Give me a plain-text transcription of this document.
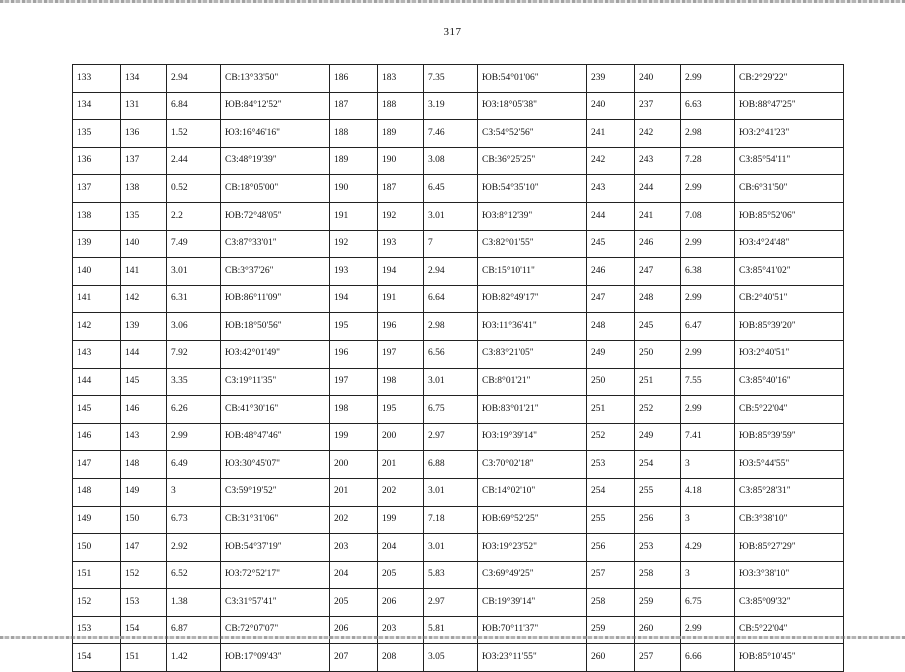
317
133	134	2.94	СВ:13°33'50"	186	183	7.35	ЮВ:54°01'06"	239	240	2.99	СВ:2°29'22"
134	131	6.84	ЮВ:84°12'52"	187	188	3.19	ЮЗ:18°05'38"	240	237	6.63	ЮВ:88°47'25"
135	136	1.52	ЮЗ:16°46'16"	188	189	7.46	СЗ:54°52'56"	241	242	2.98	ЮЗ:2°41'23"
136	137	2.44	СЗ:48°19'39"	189	190	3.08	СВ:36°25'25"	242	243	7.28	СЗ:85°54'11"
137	138	0.52	СВ:18°05'00"	190	187	6.45	ЮВ:54°35'10"	243	244	2.99	СВ:6°31'50"
138	135	2.2	ЮВ:72°48'05"	191	192	3.01	ЮЗ:8°12'39"	244	241	7.08	ЮВ:85°52'06"
139	140	7.49	СЗ:87°33'01"	192	193	7	СЗ:82°01'55"	245	246	2.99	ЮЗ:4°24'48"
140	141	3.01	СВ:3°37'26"	193	194	2.94	СВ:15°10'11"	246	247	6.38	СЗ:85°41'02"
141	142	6.31	ЮВ:86°11'09"	194	191	6.64	ЮВ:82°49'17"	247	248	2.99	СВ:2°40'51"
142	139	3.06	ЮВ:18°50'56"	195	196	2.98	ЮЗ:11°36'41"	248	245	6.47	ЮВ:85°39'20"
143	144	7.92	ЮЗ:42°01'49"	196	197	6.56	СЗ:83°21'05"	249	250	2.99	ЮЗ:2°40'51"
144	145	3.35	СЗ:19°11'35"	197	198	3.01	СВ:8°01'21"	250	251	7.55	СЗ:85°40'16"
145	146	6.26	СВ:41°30'16"	198	195	6.75	ЮВ:83°01'21"	251	252	2.99	СВ:5°22'04"
146	143	2.99	ЮВ:48°47'46"	199	200	2.97	ЮЗ:19°39'14"	252	249	7.41	ЮВ:85°39'59"
147	148	6.49	ЮЗ:30°45'07"	200	201	6.88	СЗ:70°02'18"	253	254	3	ЮЗ:5°44'55"
148	149	3	СЗ:59°19'52"	201	202	3.01	СВ:14°02'10"	254	255	4.18	СЗ:85°28'31"
149	150	6.73	СВ:31°31'06"	202	199	7.18	ЮВ:69°52'25"	255	256	3	СВ:3°38'10"
150	147	2.92	ЮВ:54°37'19"	203	204	3.01	ЮЗ:19°23'52"	256	253	4.29	ЮВ:85°27'29"
151	152	6.52	ЮЗ:72°52'17"	204	205	5.83	СЗ:69°49'25"	257	258	3	ЮЗ:3°38'10"
152	153	1.38	СЗ:31°57'41"	205	206	2.97	СВ:19°39'14"	258	259	6.75	СЗ:85°09'32"
153	154	6.87	СВ:72°07'07"	206	203	5.81	ЮВ:70°11'37"	259	260	2.99	СВ:5°22'04"
154	151	1.42	ЮВ:17°09'43"	207	208	3.05	ЮЗ:23°11'55"	260	257	6.66	ЮВ:85°10'45"
